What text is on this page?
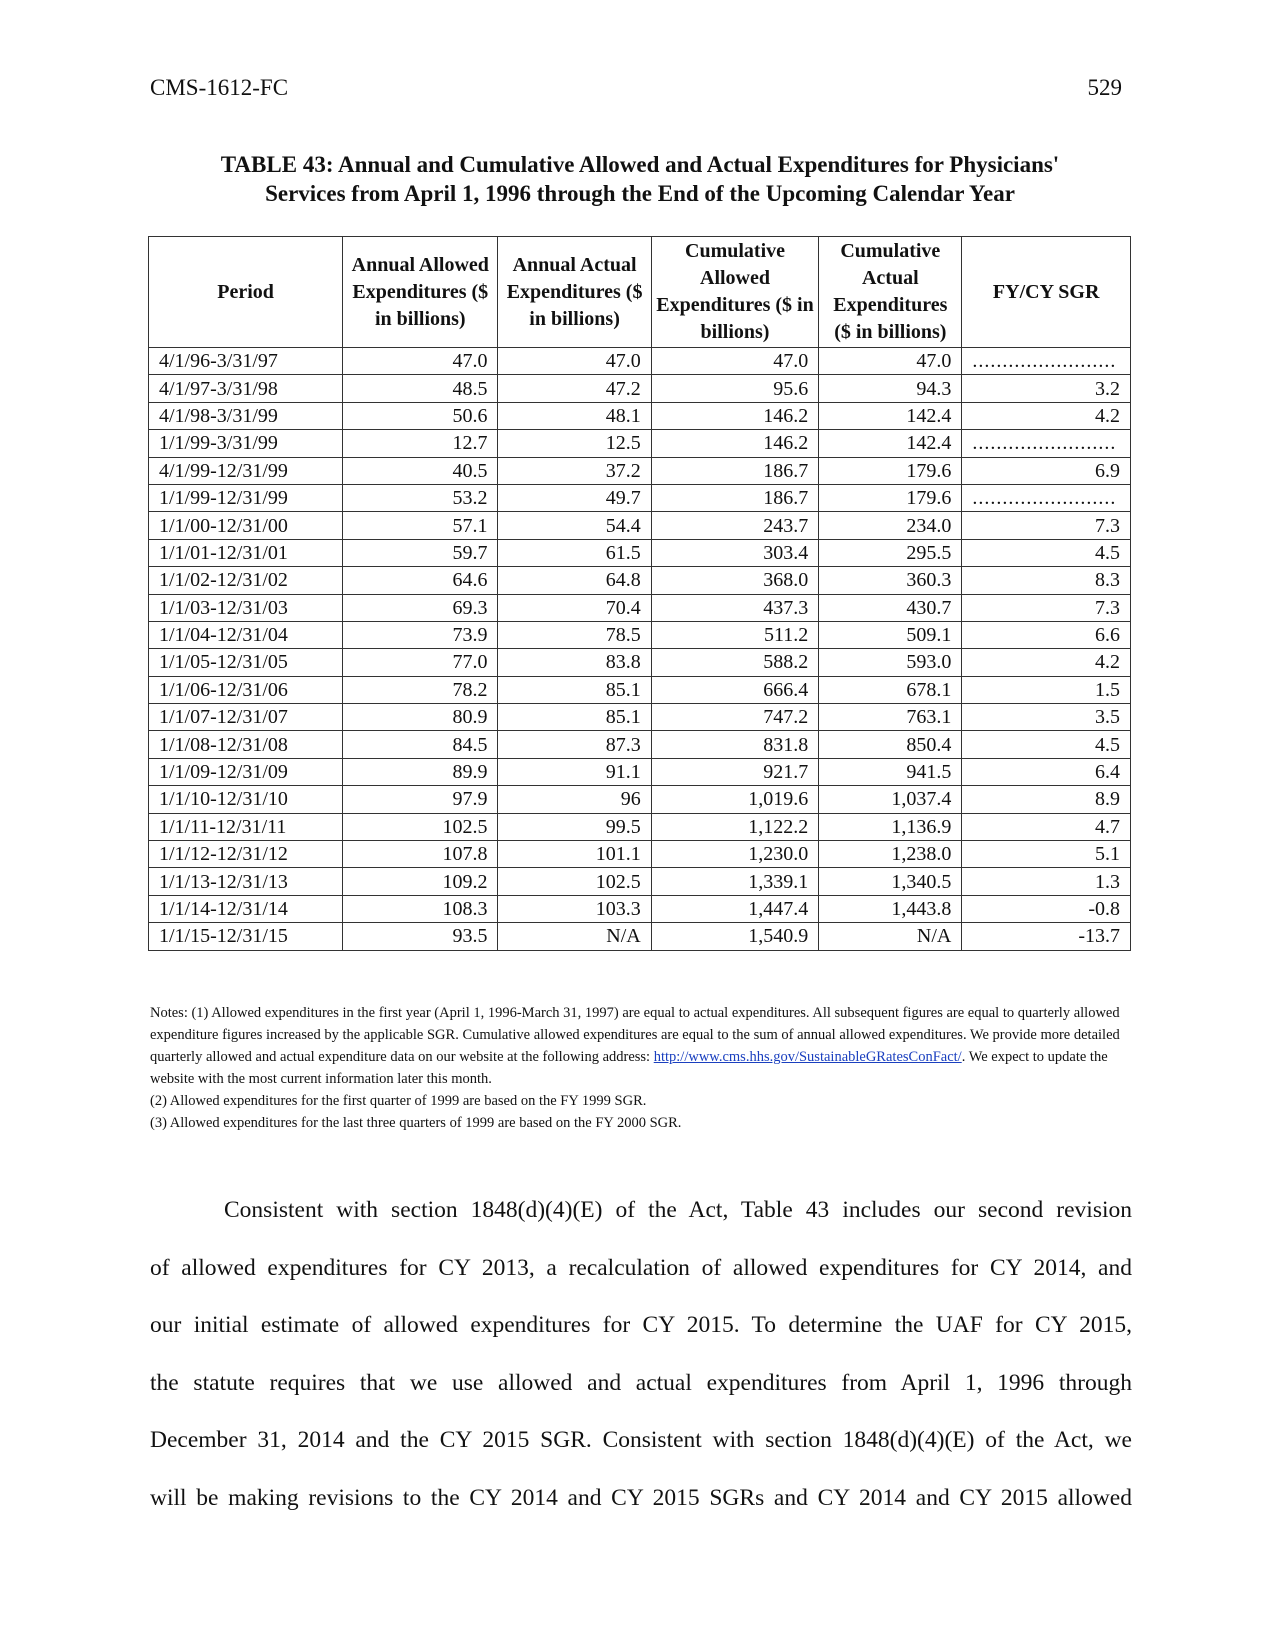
CMS-1612-FC	529
TABLE 43: Annual and Cumulative Allowed and Actual Expenditures for Physicians'
Services from April 1, 1996 through the End of the Upcoming Calendar Year
Period	Annual Allowed Expenditures ($ in billions)	Annual Actual Expenditures ($ in billions)	Cumulative Allowed Expenditures ($ in billions)	Cumulative Actual Expenditures ($ in billions)	FY/CY SGR
4/1/96-3/31/97	47.0	47.0	47.0	47.0	........................
4/1/97-3/31/98	48.5	47.2	95.6	94.3	3.2
4/1/98-3/31/99	50.6	48.1	146.2	142.4	4.2
1/1/99-3/31/99	12.7	12.5	146.2	142.4	........................
4/1/99-12/31/99	40.5	37.2	186.7	179.6	6.9
1/1/99-12/31/99	53.2	49.7	186.7	179.6	........................
1/1/00-12/31/00	57.1	54.4	243.7	234.0	7.3
1/1/01-12/31/01	59.7	61.5	303.4	295.5	4.5
1/1/02-12/31/02	64.6	64.8	368.0	360.3	8.3
1/1/03-12/31/03	69.3	70.4	437.3	430.7	7.3
1/1/04-12/31/04	73.9	78.5	511.2	509.1	6.6
1/1/05-12/31/05	77.0	83.8	588.2	593.0	4.2
1/1/06-12/31/06	78.2	85.1	666.4	678.1	1.5
1/1/07-12/31/07	80.9	85.1	747.2	763.1	3.5
1/1/08-12/31/08	84.5	87.3	831.8	850.4	4.5
1/1/09-12/31/09	89.9	91.1	921.7	941.5	6.4
1/1/10-12/31/10	97.9	96	1,019.6	1,037.4	8.9
1/1/11-12/31/11	102.5	99.5	1,122.2	1,136.9	4.7
1/1/12-12/31/12	107.8	101.1	1,230.0	1,238.0	5.1
1/1/13-12/31/13	109.2	102.5	1,339.1	1,340.5	1.3
1/1/14-12/31/14	108.3	103.3	1,447.4	1,443.8	-0.8
1/1/15-12/31/15	93.5	N/A	1,540.9	N/A	-13.7
Notes: (1) Allowed expenditures in the first year (April 1, 1996-March 31, 1997) are equal to actual expenditures. All subsequent figures are equal to quarterly allowed expenditure figures increased by the applicable SGR. Cumulative allowed expenditures are equal to the sum of annual allowed expenditures. We provide more detailed quarterly allowed and actual expenditure data on our website at the following address: http://www.cms.hhs.gov/SustainableGRatesConFact/. We expect to update the website with the most current information later this month.
(2) Allowed expenditures for the first quarter of 1999 are based on the FY 1999 SGR.
(3) Allowed expenditures for the last three quarters of 1999 are based on the FY 2000 SGR.
Consistent with section 1848(d)(4)(E) of the Act, Table 43 includes our second revision
of allowed expenditures for CY 2013, a recalculation of allowed expenditures for CY 2014, and
our initial estimate of allowed expenditures for CY 2015. To determine the UAF for CY 2015,
the statute requires that we use allowed and actual expenditures from April 1, 1996 through
December 31, 2014 and the CY 2015 SGR. Consistent with section 1848(d)(4)(E) of the Act, we
will be making revisions to the CY 2014 and CY 2015 SGRs and CY 2014 and CY 2015 allowed
